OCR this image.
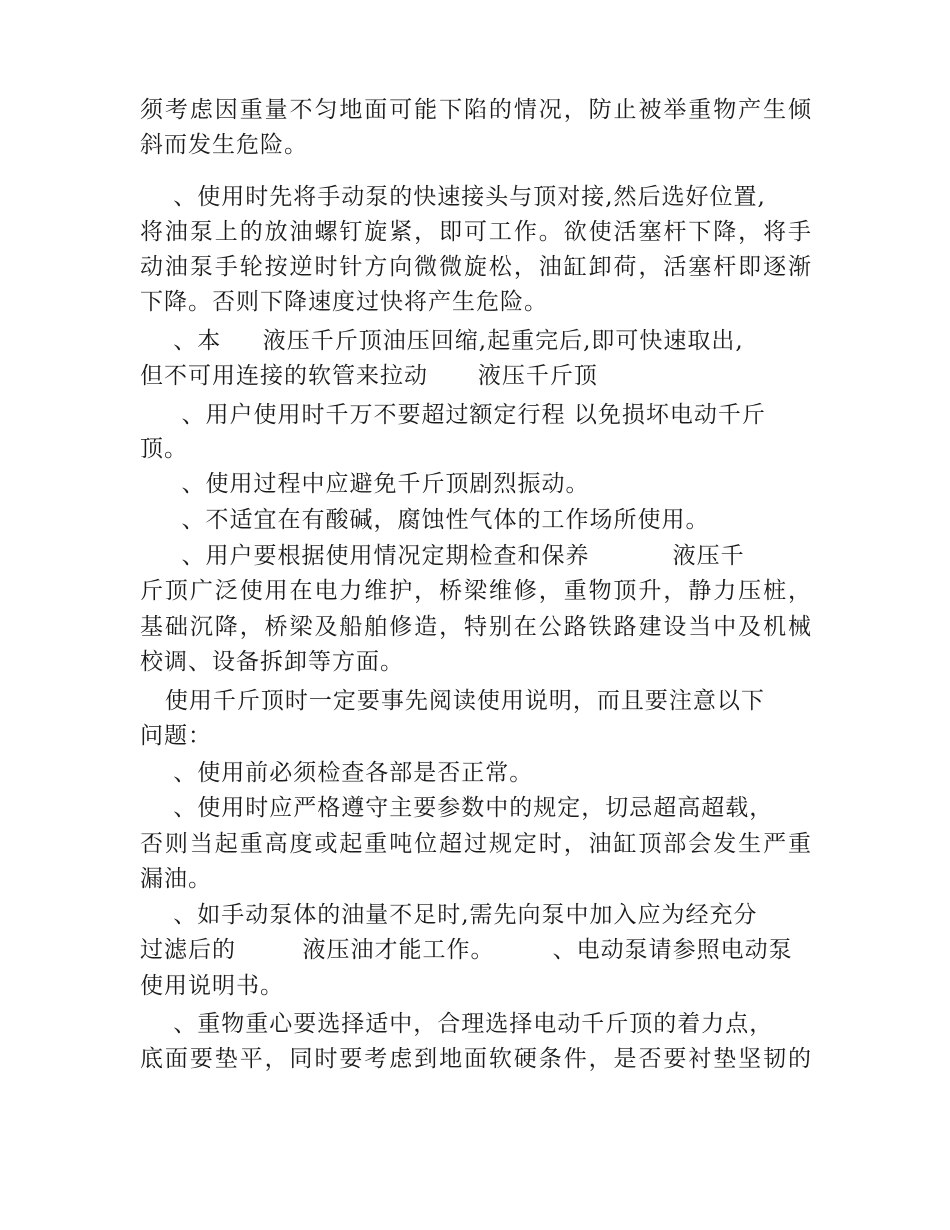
须考虑因重量不匀地面可能下陷的情况，防止被举重物产生倾
斜而发生危险。
、使用时先将手动泵的快速接头与顶对接,然后选好位置,
将油泵上的放油螺钉旋紧，即可工作。欲使活塞杆下降，将手
动油泵手轮按逆时针方向微微旋松，油缸卸荷，活塞杆即逐渐
下降。否则下降速度过快将产生危险。
、本     液压千斤顶油压回缩,起重完后,即可快速取出,
但不可用连接的软管来拉动      液压千斤顶
、用户使用时千万不要超过额定行程 以免损坏电动千斤
顶。
、使用过程中应避免千斤顶剧烈振动。
、不适宜在有酸碱，腐蚀性气体的工作场所使用。
、用户要根据使用情况定期检查和保养          液压千
斤顶广泛使用在电力维护，桥梁维修，重物顶升，静力压桩，
基础沉降，桥梁及船舶修造，特别在公路铁路建设当中及机械
校调、设备拆卸等方面。
使用千斤顶时一定要事先阅读使用说明，而且要注意以下
问题：
、使用前必须检查各部是否正常。
、使用时应严格遵守主要参数中的规定，切忌超高超载，
否则当起重高度或起重吨位超过规定时，油缸顶部会发生严重
漏油。
、如手动泵体的油量不足时,需先向泵中加入应为经充分
过滤后的        液压油才能工作。       、电动泵请参照电动泵
使用说明书。
、重物重心要选择适中，合理选择电动千斤顶的着力点，
底面要垫平，同时要考虑到地面软硬条件，是否要衬垫坚韧的
